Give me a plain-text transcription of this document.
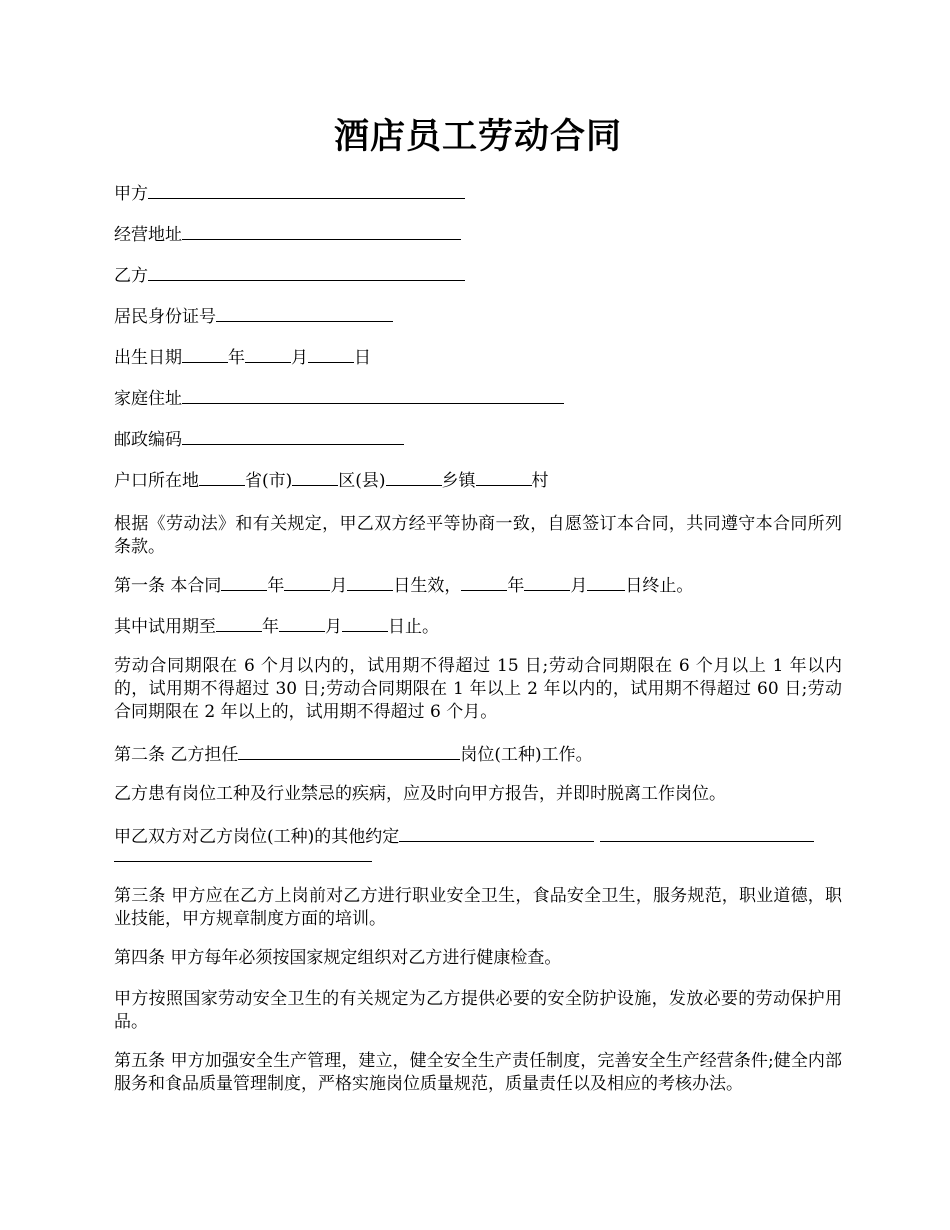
酒店员工劳动合同
甲方
经营地址
乙方
居民身份证号
出生日期	年	月	日
家庭住址
邮政编码
户口所在地	省(市)	区(县)	乡镇	村
根据《劳动法》和有关规定，甲乙双方经平等协商一致，自愿签订本合同，共同遵守本合同所列条款。
第一条 本合同	年	月	日生效，	年	月 日终止。
其中试用期至	年	月	日止。
劳动合同期限在 6 个月以内的，试用期不得超过 15 日;劳动合同期限在 6 个月以上 1 年以内的，试用期不得超过 30 日;劳动合同期限在 1 年以上 2 年以内的，试用期不得超过 60 日;劳动合同期限在 2 年以上的，试用期不得超过 6 个月。
第二条 乙方担任	岗位(工种)工作。
乙方患有岗位工种及行业禁忌的疾病，应及时向甲方报告，并即时脱离工作岗位。
甲乙双方对乙方岗位(工种)的其他约定
第三条 甲方应在乙方上岗前对乙方进行职业安全卫生，食品安全卫生，服务规范，职业道德，职业技能，甲方规章制度方面的培训。
第四条 甲方每年必须按国家规定组织对乙方进行健康检查。
甲方按照国家劳动安全卫生的有关规定为乙方提供必要的安全防护设施，发放必要的劳动保护用品。
第五条 甲方加强安全生产管理，建立，健全安全生产责任制度，完善安全生产经营条件;健全内部服务和食品质量管理制度，严格实施岗位质量规范，质量责任以及相应的考核办法。
